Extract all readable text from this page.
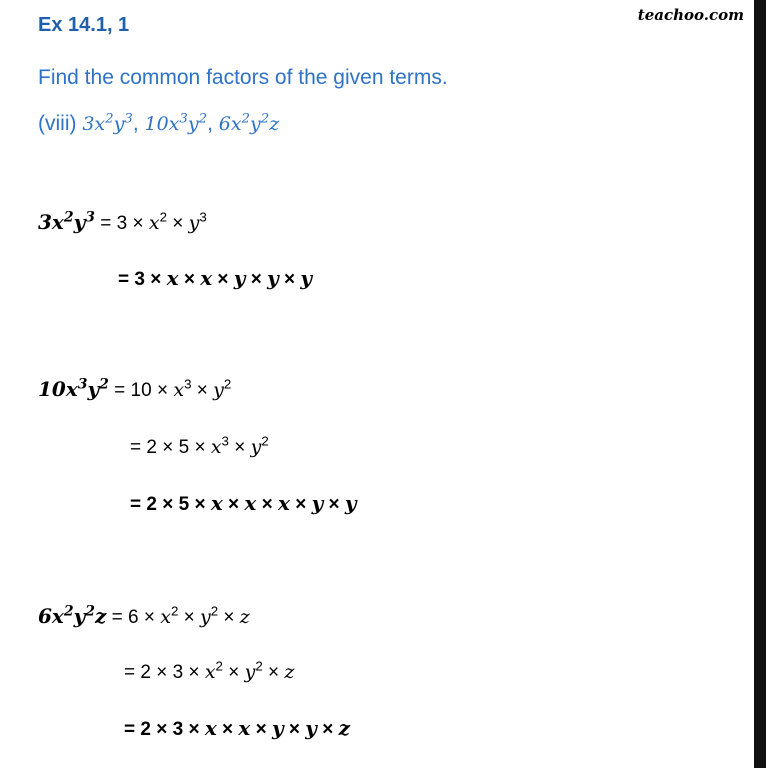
Ex 14.1, 1	teachoo.com
Find the common factors of the given terms.
(viii) $3x^2y^3$, $10x^3y^2$, $6x^2y^2z$
$3x^2y^3 = 3 \times x^2 \times y^3$
= 3 × x × x × y × y × y
$10x^3y^2 = 10 \times x^3 \times y^2$
= $2 \times 5 \times x^3 \times y^2$
= 2 × 5 × x × x × x × y × y
$6x^2y^2z = 6 \times x^2 \times y^2 \times z$
= $2 \times 3 \times x^2 \times y^2 \times z$
= 2 × 3 × x × x × y × y × z
